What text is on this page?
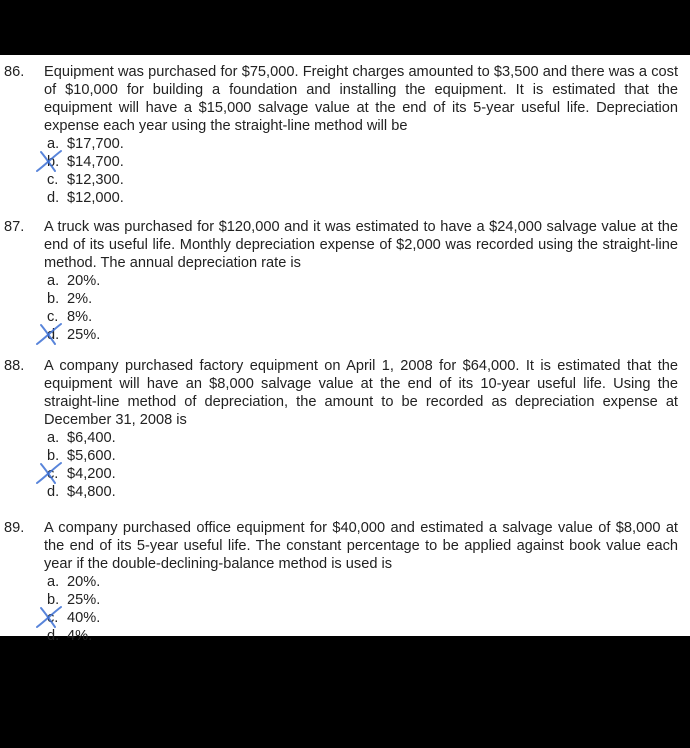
86. Equipment was purchased for $75,000. Freight charges amounted to $3,500 and there was a cost of $10,000 for building a foundation and installing the equipment. It is estimated that the equipment will have a $15,000 salvage value at the end of its 5-year useful life. Depreciation expense each year using the straight-line method will be
a. $17,700.
b. $14,700.
c. $12,300.
d. $12,000.
87. A truck was purchased for $120,000 and it was estimated to have a $24,000 salvage value at the end of its useful life. Monthly depreciation expense of $2,000 was recorded using the straight-line method. The annual depreciation rate is
a. 20%.
b. 2%.
c. 8%.
d. 25%.
88. A company purchased factory equipment on April 1, 2008 for $64,000. It is estimated that the equipment will have an $8,000 salvage value at the end of its 10-year useful life. Using the straight-line method of depreciation, the amount to be recorded as depreciation expense at December 31, 2008 is
a. $6,400.
b. $5,600.
c. $4,200.
d. $4,800.
89. A company purchased office equipment for $40,000 and estimated a salvage value of $8,000 at the end of its 5-year useful life. The constant percentage to be applied against book value each year if the double-declining-balance method is used is
a. 20%.
b. 25%.
c. 40%.
d. 4%.
